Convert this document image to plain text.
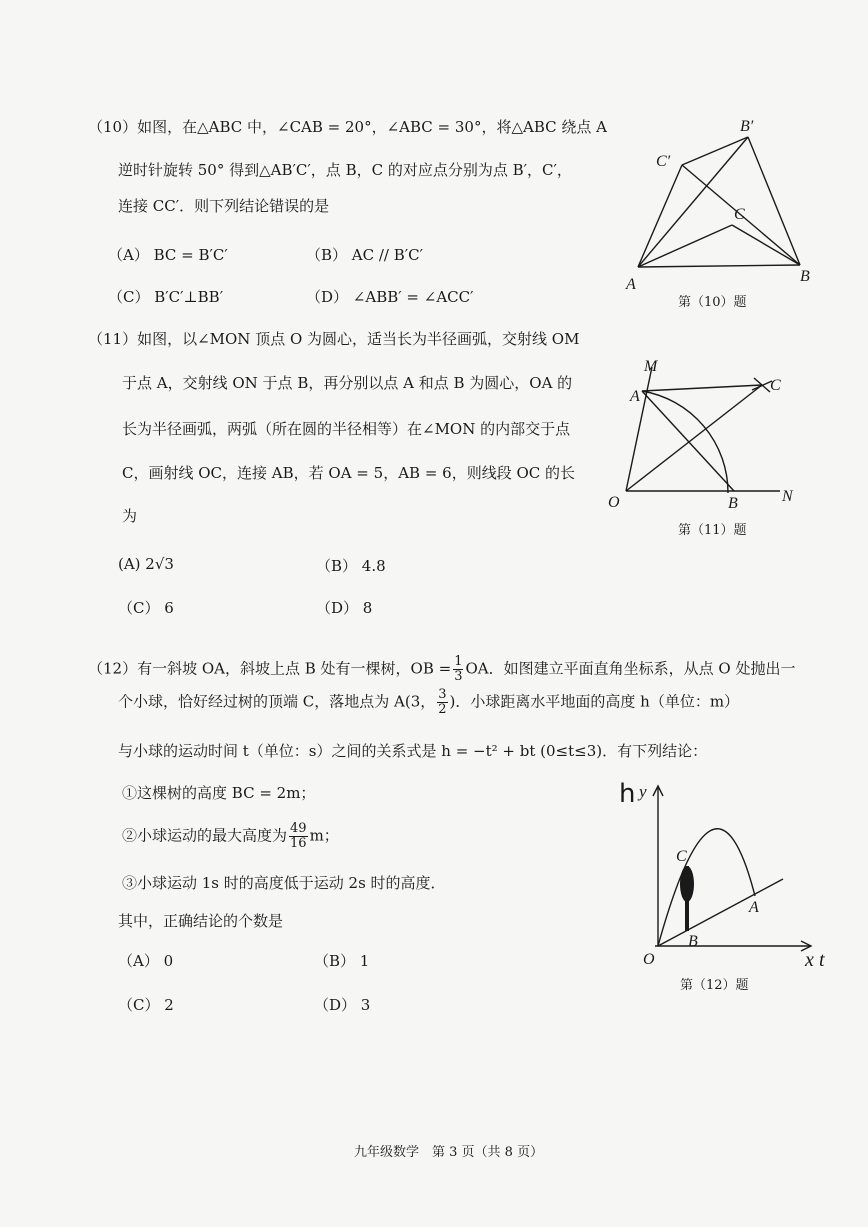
（10）如图，在△ABC 中，∠CAB = 20°，∠ABC = 30°，将△ABC 绕点 A
逆时针旋转 50° 得到△AB′C′，点 B，C 的对应点分别为点 B′，C′，
连接 CC′．则下列结论错误的是
（A） BC = B′C′	（B） AC // B′C′
（C） B′C′⊥BB′	（D） ∠ABB′ = ∠ACC′
A	B
C
B′
C′
第（10）题
（11）如图，以∠MON 顶点 O 为圆心，适当长为半径画弧，交射线 OM
于点 A，交射线 ON 于点 B，再分别以点 A 和点 B 为圆心，OA 的
长为半径画弧，两弧（所在圆的半径相等）在∠MON 的内部交于点
C，画射线 OC，连接 AB，若 OA = 5，AB = 6，则线段 OC 的长
为
(A) 2√3	（B） 4.8
（C） 6	（D） 8
M
A
C
O	B	N
第（11）题
（12）有一斜坡 OA，斜坡上点 B 处有一棵树，OB = $\frac{1}{3}$ OA．如图建立平面直角坐标系，从点 O 处抛出一
个小球，恰好经过树的顶端 C，落地点为 A(3， $\frac{3}{2}$ )．小球距离水平地面的高度 h（单位：m）
与小球的运动时间 t（单位：s）之间的关系式是 h = −t² + bt (0≤t≤3)．有下列结论：
①这棵树的高度 BC = 2m；
②小球运动的最大高度为 $\frac{49}{16}$ m；
③小球运动 1s 时的高度低于运动 2s 时的高度．
其中，正确结论的个数是
（A） 0	（B） 1
（C） 2	（D） 3
h y
x t
C
A
O
B
第（12）题
九年级数学　第 3 页（共 8 页）
